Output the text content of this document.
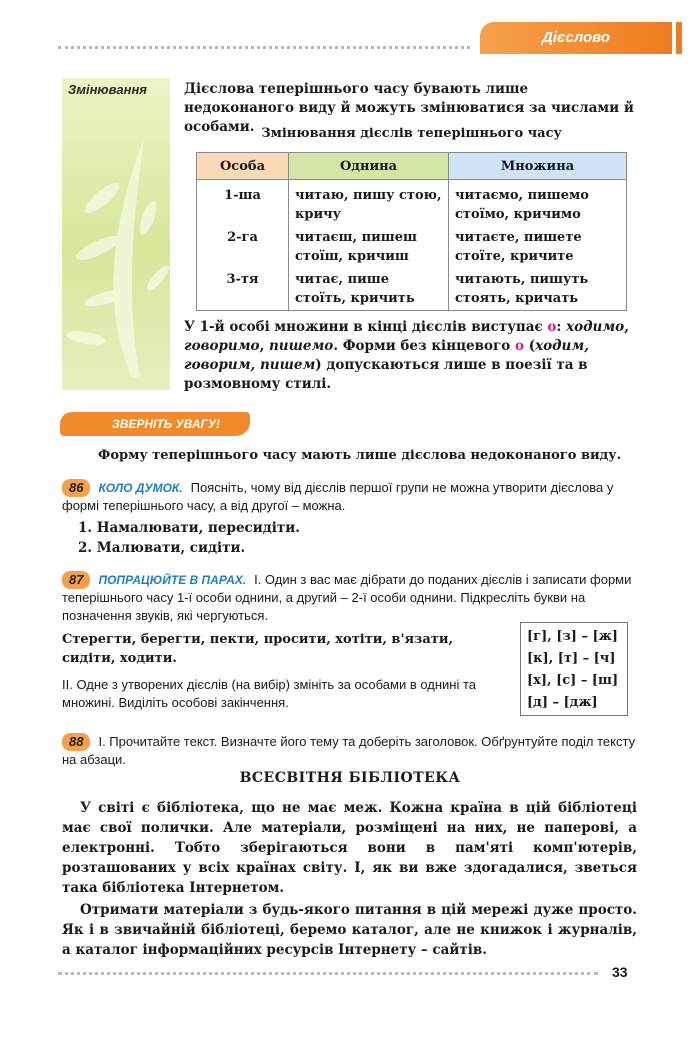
Дієслово
Змінювання	Дієслова теперішнього часу бувають лише недоконаного виду й можуть змінюватися за числами й особами. Змінювання дієслів теперішнього часу
Особа	Однина	Множина
1-ша	читаю, пишу стою, кричу	читаємо, пишемо стоїмо, кричимо
2-га	читаєш, пишеш стоїш, кричиш	читаєте, пишете стоїте, кричите
3-тя	читає, пише стоїть, кричить	читають, пишуть стоять, кричать
У 1-й особі множини в кінці дієслів виступає о: ходимо, говоримо, пишемо. Форми без кінцевого о (ходим, говорим, пишем) допускаються лише в поезії та в розмовному стилі.
ЗВЕРНІТЬ УВАГУ!
Форму теперішнього часу мають лише дієслова недоконаного виду.
86 КОЛО ДУМОК. Поясніть, чому від дієслів першої групи не можна утворити дієслова у формі теперішнього часу, а від другої – можна.
1. Намалювати, пересидіти.
2. Малювати, сидіти.
87 ПОПРАЦЮЙТЕ В ПАРАХ. І. Один з вас має дібрати до поданих дієслів і записати форми теперішнього часу 1-ї особи однини, а другий – 2-ї особи однини. Підкресліть букви на позначення звуків, які чергуються.
Стерегти, берегти, пекти, просити, хотіти, в'язати, сидіти, ходити.
ІІ. Одне з утворених дієслів (на вибір) змініть за особами в однині та множині. Виділіть особові закінчення.
[г], [з] – [ж]
[к], [т] – [ч]
[х], [с] – [ш]
[д] – [дж]
88 І. Прочитайте текст. Визначте його тему та доберіть заголовок. Обґрунтуйте поділ тексту на абзаци.
ВСЕСВІТНЯ БІБЛІОТЕКА
У світі є бібліотека, що не має меж. Кожна країна в цій бібліотеці має свої полички. Але матеріали, розміщені на них, не паперові, а електронні. Тобто зберігаються вони в пам'яті комп'ютерів, розташованих у всіх країнах світу. І, як ви вже здогадалися, зветься така бібліотека Інтернетом.
Отримати матеріали з будь-якого питання в цій мережі дуже просто. Як і в звичайній бібліотеці, беремо каталог, але не книжок і журналів, а каталог інформаційних ресурсів Інтернету – сайтів.
33
